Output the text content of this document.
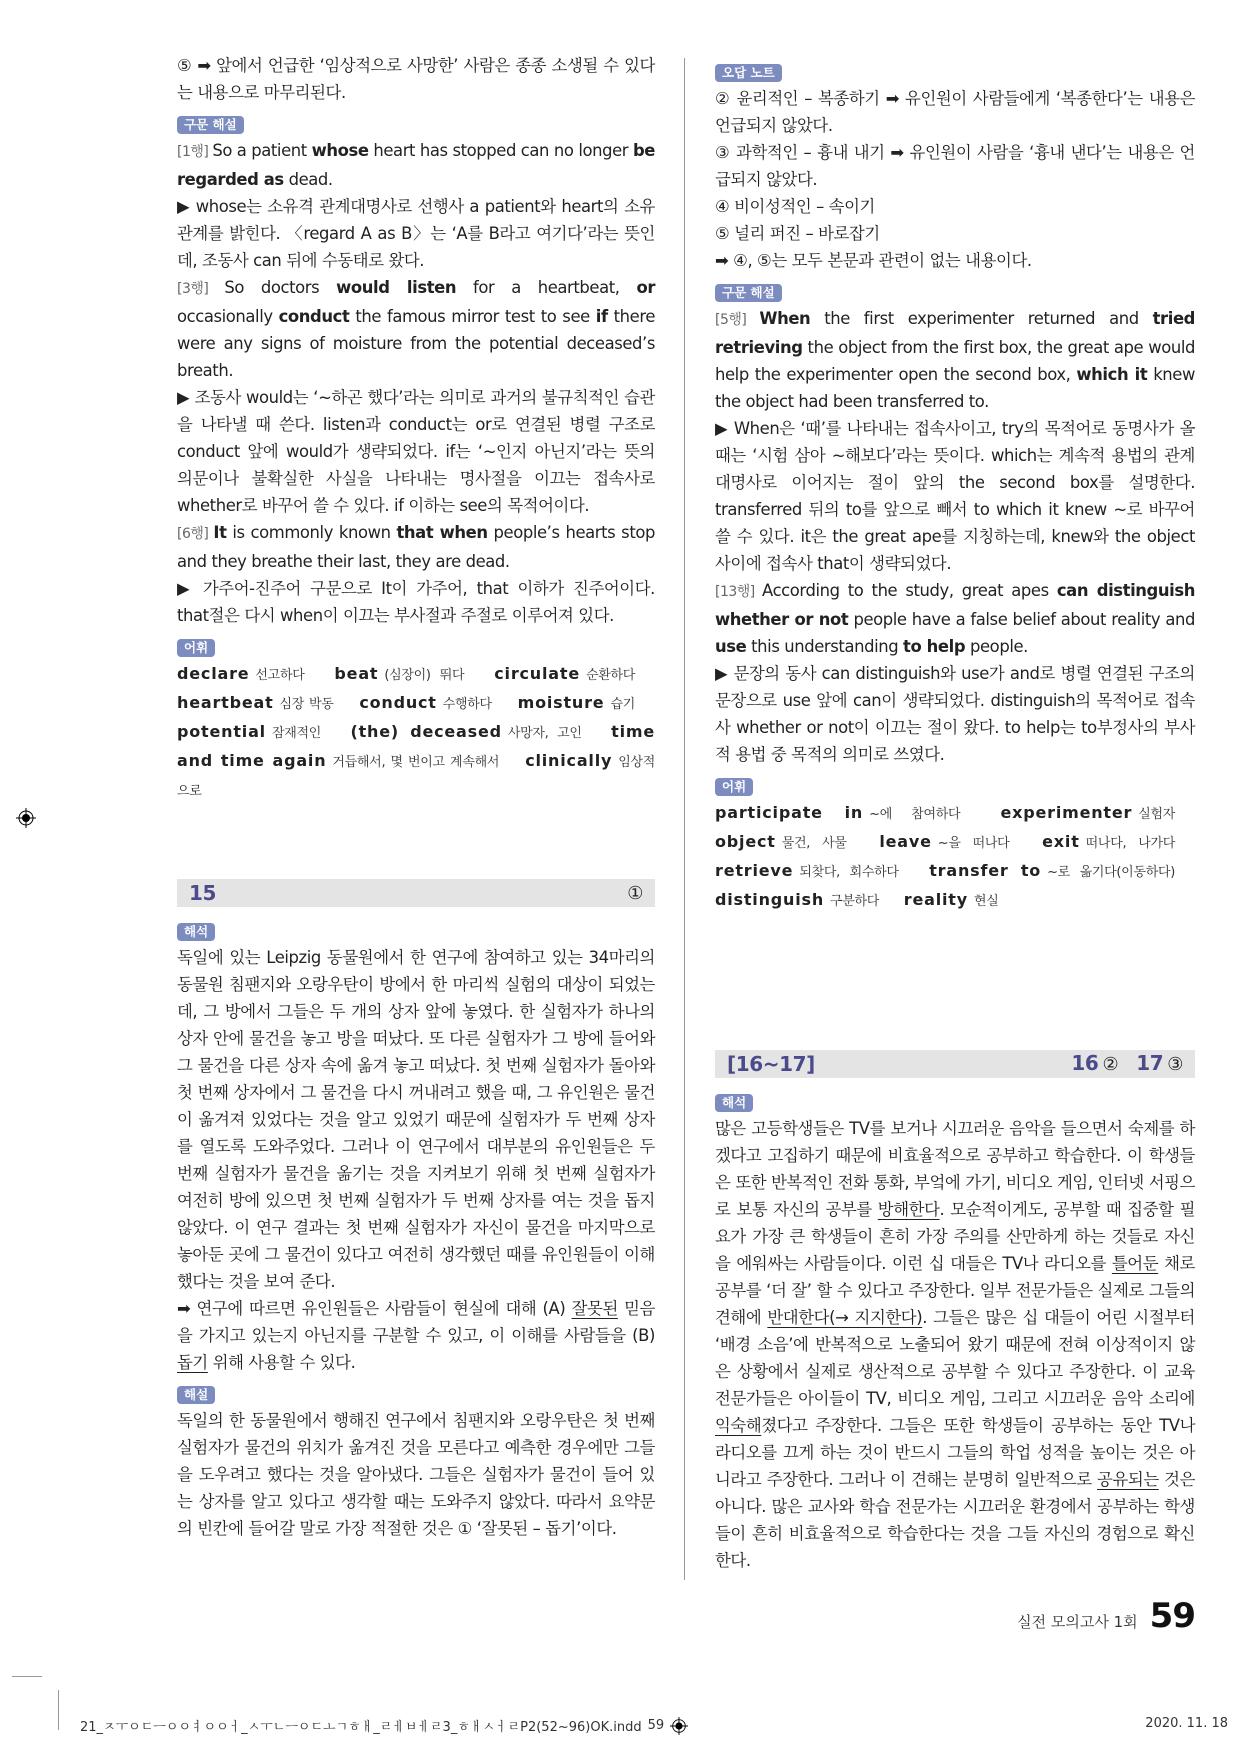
⑤ ➡ 앞에서 언급한 ‘임상적으로 사망한’ 사람은 종종 소생될 수 있다는 내용으로 마무리된다.

구문 해설

[1행] So a patient whose heart has stopped can no longer be regarded as dead.

▶ whose는 소유격 관계대명사로 선행사 a patient와 heart의 소유 관계를 밝힌다. 〈regard A as B〉는 ‘A를 B라고 여기다’라는 뜻인데, 조동사 can 뒤에 수동태로 왔다.

[3행] So doctors would listen for a heartbeat, or occasionally conduct the famous mirror test to see if there were any signs of moisture from the potential deceased’s breath.

▶ 조동사 would는 ‘~하곤 했다’라는 의미로 과거의 불규칙적인 습관을 나타낼 때 쓴다. listen과 conduct는 or로 연결된 병렬 구조로 conduct 앞에 would가 생략되었다. if는 ‘~인지 아닌지’라는 뜻의 의문이나 불확실한 사실을 나타내는 명사절을 이끄는 접속사로 whether로 바꾸어 쓸 수 있다. if 이하는 see의 목적어이다.

[6행] It is commonly known that when people’s hearts stop and they breathe their last, they are dead.

▶ 가주어-진주어 구문으로 It이 가주어, that 이하가 진주어이다. that절은 다시 when이 이끄는 부사절과 주절로 이루어져 있다.

어휘
declare 선고하다 beat (심장이) 뛰다 circulate 순환하다 heartbeat 심장 박동 conduct 수행하다 moisture 습기 potential 잠재적인 (the) deceased 사망자, 고인 time and time again 거듭해서, 몇 번이고 계속해서 clinically 임상적으로
15	①
해석

독일에 있는 Leipzig 동물원에서 한 연구에 참여하고 있는 34마리의 동물원 침팬지와 오랑우탄이 방에서 한 마리씩 실험의 대상이 되었는데, 그 방에서 그들은 두 개의 상자 앞에 놓였다. 한 실험자가 하나의 상자 안에 물건을 놓고 방을 떠났다. 또 다른 실험자가 그 방에 들어와 그 물건을 다른 상자 속에 옮겨 놓고 떠났다. 첫 번째 실험자가 돌아와 첫 번째 상자에서 그 물건을 다시 꺼내려고 했을 때, 그 유인원은 물건이 옮겨져 있었다는 것을 알고 있었기 때문에 실험자가 두 번째 상자를 열도록 도와주었다. 그러나 이 연구에서 대부분의 유인원들은 두 번째 실험자가 물건을 옮기는 것을 지켜보기 위해 첫 번째 실험자가 여전히 방에 있으면 첫 번째 실험자가 두 번째 상자를 여는 것을 돕지 않았다. 이 연구 결과는 첫 번째 실험자가 자신이 물건을 마지막으로 놓아둔 곳에 그 물건이 있다고 여전히 생각했던 때를 유인원들이 이해했다는 것을 보여 준다.

➡ 연구에 따르면 유인원들은 사람들이 현실에 대해 (A) 잘못된 믿음을 가지고 있는지 아닌지를 구분할 수 있고, 이 이해를 사람들을 (B) 돕기 위해 사용할 수 있다.

해설

독일의 한 동물원에서 행해진 연구에서 침팬지와 오랑우탄은 첫 번째 실험자가 물건의 위치가 옮겨진 것을 모른다고 예측한 경우에만 그들을 도우려고 했다는 것을 알아냈다. 그들은 실험자가 물건이 들어 있는 상자를 알고 있다고 생각할 때는 도와주지 않았다. 따라서 요약문의 빈칸에 들어갈 말로 가장 적절한 것은 ① ‘잘못된 – 돕기’이다.

오답 노트

② 윤리적인 – 복종하기 ➡ 유인원이 사람들에게 ‘복종한다’는 내용은 언급되지 않았다.

③ 과학적인 – 흉내 내기 ➡ 유인원이 사람을 ‘흉내 낸다’는 내용은 언급되지 않았다.

④ 비이성적인 – 속이기

⑤ 널리 퍼진 – 바로잡기

➡ ④, ⑤는 모두 본문과 관련이 없는 내용이다.

구문 해설

[5행] When the first experimenter returned and tried retrieving the object from the first box, the great ape would help the experimenter open the second box, which it knew the object had been transferred to.

▶ When은 ‘때’를 나타내는 접속사이고, try의 목적어로 동명사가 올 때는 ‘시험 삼아 ~해보다’라는 뜻이다. which는 계속적 용법의 관계대명사로 이어지는 절이 앞의 the second box를 설명한다. transferred 뒤의 to를 앞으로 빼서 to which it knew ~로 바꾸어 쓸 수 있다. it은 the great ape를 지칭하는데, knew와 the object 사이에 접속사 that이 생략되었다.

[13행] According to the study, great apes can distinguish whether or not people have a false belief about reality and use this understanding to help people.

▶ 문장의 동사 can distinguish와 use가 and로 병렬 연결된 구조의 문장으로 use 앞에 can이 생략되었다. distinguish의 목적어로 접속사 whether or not이 이끄는 절이 왔다. to help는 to부정사의 부사적 용법 중 목적의 의미로 쓰였다.

어휘
participate in ~에 참여하다	experimenter 실험자 object 물건, 사물 leave ~을 떠나다 exit 떠나다, 나가다 retrieve 되찾다, 회수하다 transfer to ~로 옮기다(이동하다) distinguish 구분하다 reality 현실
[16~17]	16 ② 17 ③
해석

많은 고등학생들은 TV를 보거나 시끄러운 음악을 들으면서 숙제를 하겠다고 고집하기 때문에 비효율적으로 공부하고 학습한다. 이 학생들은 또한 반복적인 전화 통화, 부엌에 가기, 비디오 게임, 인터넷 서핑으로 보통 자신의 공부를 방해한다. 모순적이게도, 공부할 때 집중할 필요가 가장 큰 학생들이 흔히 가장 주의를 산만하게 하는 것들로 자신을 에워싸는 사람들이다. 이런 십 대들은 TV나 라디오를 틀어둔 채로 공부를 ‘더 잘’ 할 수 있다고 주장한다. 일부 전문가들은 실제로 그들의 견해에 반대한다(→ 지지한다). 그들은 많은 십 대들이 어린 시절부터 ‘배경 소음’에 반복적으로 노출되어 왔기 때문에 전혀 이상적이지 않은 상황에서 실제로 생산적으로 공부할 수 있다고 주장한다. 이 교육 전문가들은 아이들이 TV, 비디오 게임, 그리고 시끄러운 음악 소리에 익숙해졌다고 주장한다. 그들은 또한 학생들이 공부하는 동안 TV나 라디오를 끄게 하는 것이 반드시 그들의 학업 성적을 높이는 것은 아니라고 주장한다. 그러나 이 견해는 분명히 일반적으로 공유되는 것은 아니다. 많은 교사와 학습 전문가는 시끄러운 환경에서 공부하는 학생들이 흔히 비효율적으로 학습한다는 것을 그들 자신의 경험으로 확신한다.

실전 모의고사 1회 59
21_ㅈㅜㅇㄷㅡㅇㅇㅕㅇㅇㅓ_ㅅㅜㄴㅡㅇㄷㅗㄱㅎㅐ_ㄹㅔㅂㅔㄹ3_ㅎㅐㅅㅓㄹP2(52~96)OK.indd 59	2020. 11. 18
